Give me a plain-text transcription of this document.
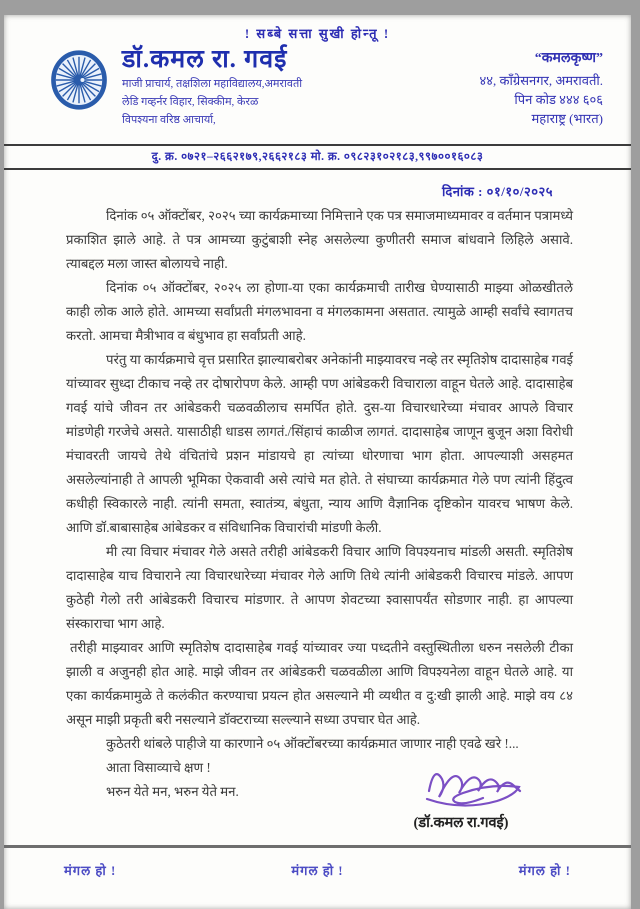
! सब्बे सत्ता सुखी होन्तू !
डॉ.कमल रा. गवई
माजी प्राचार्य, तक्षशिला महाविद्यालय,अमरावती
लेडि गव्हर्नर विहार, सिक्कीम, केरळ
विपश्यना वरिष्ठ आचार्या,
“कमलकृष्ण”
४४, काँग्रेसनगर, अमरावती.
पिन कोड ४४४ ६०६
महाराष्ट्र (भारत)
दु. क्र. ०७२१–२६६२१७९,२६६२१८३ मो. क्र. ०९८२३१०२१८३,९९७००१६०८३
दिनांक : ०१/१०/२०२५

दिनांक ०५ ऑक्टोंबर, २०२५ च्या कार्यक्रमाच्या निमित्ताने एक पत्र समाजमाध्यमावर व वर्तमान पत्रामध्ये प्रकाशित झाले आहे. ते पत्र आमच्या कुटुंबाशी स्नेह असलेल्या कुणीतरी समाज बांधवाने लिहिले असावे. त्याबद्दल मला जास्त बोलायचे नाही.

दिनांक ०५ ऑक्टोंबर, २०२५ ला होणा-या एका कार्यक्रमाची तारीख घेण्यासाठी माझ्या ओळखीतले काही लोक आले होते. आमच्या सर्वांप्रती मंगलभावना व मंगलकामना असतात. त्यामुळे आम्ही सर्वांचे स्वागतच करतो. आमचा मैत्रीभाव व बंधुभाव हा सर्वांप्रती आहे.

परंतु या कार्यक्रमाचे वृत्त प्रसारित झाल्याबरोबर अनेकांनी माझ्यावरच नव्हे तर स्मृतिशेष दादासाहेब गवई यांच्यावर सुध्दा टीकाच नव्हे तर दोषारोपण केले. आम्ही पण आंबेडकरी विचाराला वाहून घेतले आहे. दादासाहेब गवई यांचे जीवन तर आंबेडकरी चळवळीलाच समर्पित होते. दुस-या विचारधारेच्या मंचावर आपले विचार मांडणेही गरजेचे असते. यासाठीही धाडस लागतं./सिंहाचं काळीज लागतं. दादासाहेब जाणून बुजून अशा विरोधी मंचावरती जायचे तेथे वंचितांचे प्रशन मांडायचे हा त्यांच्या धोरणाचा भाग होता. आपल्याशी असहमत असलेल्यांनाही ते आपली भूमिका ऐकवावी असे त्यांचे मत होते. ते संघाच्या कार्यक्रमात गेले पण त्यांनी हिंदुत्व कधीही स्विकारले नाही. त्यांनी समता, स्वातंत्र्य, बंधुता, न्याय आणि वैज्ञानिक दृष्टिकोन यावरच भाषण केले. आणि डॉ.बाबासाहेब आंबेडकर व संविधानिक विचारांची मांडणी केली.

मी त्या विचार मंचावर गेले असते तरीही आंबेडकरी विचार आणि विपश्यनाच मांडली असती. स्मृतिशेष दादासाहेब याच विचाराने त्या विचारधारेच्या मंचावर गेले आणि तिथे त्यांनी आंबेडकरी विचारच मांडले. आपण कुठेही गेलो तरी आंबेडकरी विचारच मांडणार. ते आपण शेवटच्या श्वासापर्यंत सोडणार नाही. हा आपल्या संस्काराचा भाग आहे.

तरीही माझ्यावर आणि स्मृतिशेष दादासाहेब गवई यांच्यावर ज्या पध्दतीने वस्तुस्थितीला धरुन नसलेली टीका झाली व अजुनही होत आहे. माझे जीवन तर आंबेडकरी चळवळीला आणि विपश्यनेला वाहून घेतले आहे. या एका कार्यक्रमामुळे ते कलंकीत करण्याचा प्रयत्न होत असल्याने मी व्यथीत व दु:खी झाली आहे. माझे वय ८४ असून माझी प्रकृती बरी नसल्याने डॉक्टराच्या सल्ल्याने सध्या उपचार घेत आहे.

कुठेतरी थांबले पाहीजे या कारणाने ०५ ऑक्टोंबरच्या कार्यक्रमात जाणार नाही एवढे खरे !...

आता विसाव्याचे क्षण !

भरुन येते मन, भरुन येते मन.

(डॉ.कमल रा.गवई)
मंगल हो !	मंगल हो !	मंगल हो !
